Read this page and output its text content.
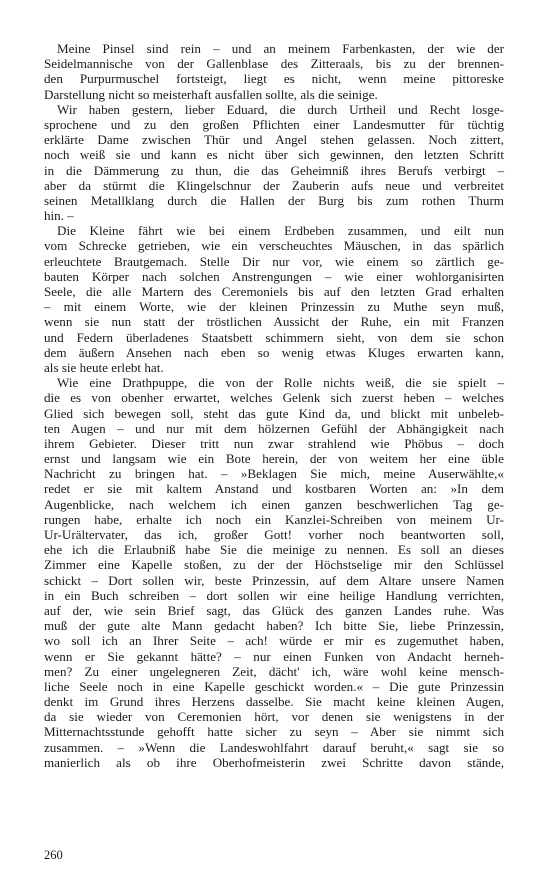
Meine Pinsel sind rein – und an meinem Farbenkasten, der wie der
Seidelmannische von der Gallenblase des Zitteraals, bis zu der brennen-
den Purpurmuschel fortsteigt, liegt es nicht, wenn meine pittoreske
Darstellung nicht so meisterhaft ausfallen sollte, als die seinige.
Wir haben gestern, lieber Eduard, die durch Urtheil und Recht losge-
sprochene und zu den großen Pflichten einer Landesmutter für tüchtig
erklärte Dame zwischen Thür und Angel stehen gelassen. Noch zittert,
noch weiß sie und kann es nicht über sich gewinnen, den letzten Schritt
in die Dämmerung zu thun, die das Geheimniß ihres Berufs verbirgt –
aber da stürmt die Klingelschnur der Zauberin aufs neue und verbreitet
seinen Metallklang durch die Hallen der Burg bis zum rothen Thurm
hin. –
Die Kleine fährt wie bei einem Erdbeben zusammen, und eilt nun
vom Schrecke getrieben, wie ein verscheuchtes Mäuschen, in das spärlich
erleuchtete Brautgemach. Stelle Dir nur vor, wie einem so zärtlich ge-
bauten Körper nach solchen Anstrengungen – wie einer wohlorganisirten
Seele, die alle Martern des Ceremoniels bis auf den letzten Grad erhalten
– mit einem Worte, wie der kleinen Prinzessin zu Muthe seyn muß,
wenn sie nun statt der tröstlichen Aussicht der Ruhe, ein mit Franzen
und Federn überladenes Staatsbett schimmern sieht, von dem sie schon
dem äußern Ansehen nach eben so wenig etwas Kluges erwarten kann,
als sie heute erlebt hat.
Wie eine Drathpuppe, die von der Rolle nichts weiß, die sie spielt –
die es von obenher erwartet, welches Gelenk sich zuerst heben – welches
Glied sich bewegen soll, steht das gute Kind da, und blickt mit unbeleb-
ten Augen – und nur mit dem hölzernen Gefühl der Abhängigkeit nach
ihrem Gebieter. Dieser tritt nun zwar strahlend wie Phöbus – doch
ernst und langsam wie ein Bote herein, der von weitem her eine üble
Nachricht zu bringen hat. – »Beklagen Sie mich, meine Auserwählte,«
redet er sie mit kaltem Anstand und kostbaren Worten an: »In dem
Augenblicke, nach welchem ich einen ganzen beschwerlichen Tag ge-
rungen habe, erhalte ich noch ein Kanzlei-Schreiben von meinem Ur-
Ur-Urältervater, das ich, großer Gott! vorher noch beantworten soll,
ehe ich die Erlaubniß habe Sie die meinige zu nennen. Es soll an dieses
Zimmer eine Kapelle stoßen, zu der der Höchstselige mir den Schlüssel
schickt – Dort sollen wir, beste Prinzessin, auf dem Altare unsere Namen
in ein Buch schreiben – dort sollen wir eine heilige Handlung verrichten,
auf der, wie sein Brief sagt, das Glück des ganzen Landes ruhe. Was
muß der gute alte Mann gedacht haben? Ich bitte Sie, liebe Prinzessin,
wo soll ich an Ihrer Seite – ach! würde er mir es zugemuthet haben,
wenn er Sie gekannt hätte? – nur einen Funken von Andacht herneh-
men? Zu einer ungelegneren Zeit, dächt' ich, wäre wohl keine mensch-
liche Seele noch in eine Kapelle geschickt worden.« – Die gute Prinzessin
denkt im Grund ihres Herzens dasselbe. Sie macht keine kleinen Augen,
da sie wieder von Ceremonien hört, vor denen sie wenigstens in der
Mitternachtsstunde gehofft hatte sicher zu seyn – Aber sie nimmt sich
zusammen. – »Wenn die Landeswohlfahrt darauf beruht,« sagt sie so
manierlich als ob ihre Oberhofmeisterin zwei Schritte davon stände,
260
